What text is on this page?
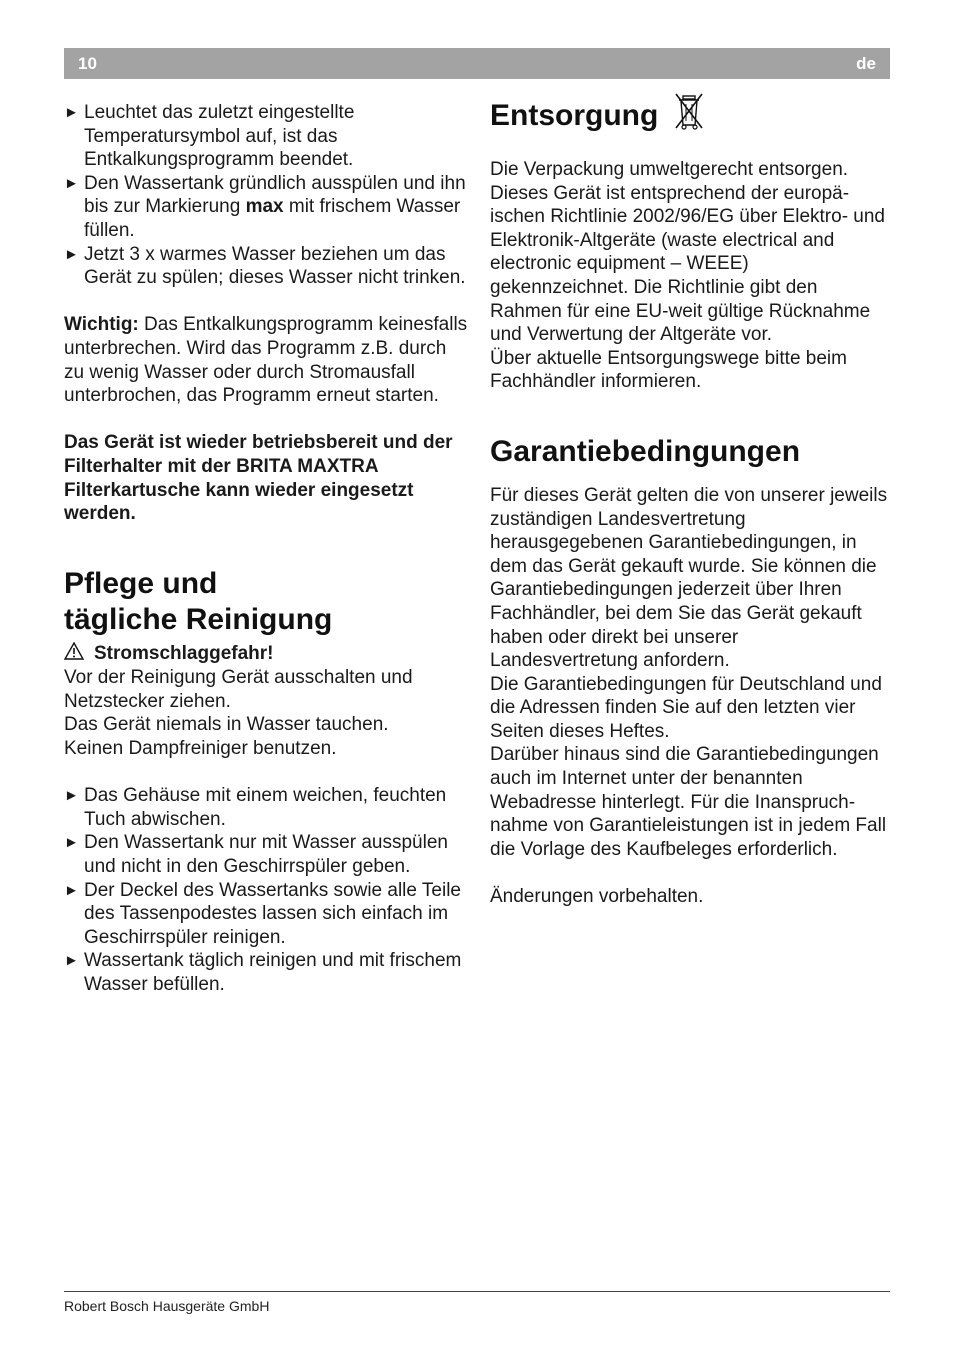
10	de
► Leuchtet das zuletzt eingestellte Temperatursymbol auf, ist das Entkalkungsprogramm beendet.
► Den Wassertank gründlich ausspülen und ihn bis zur Markierung max mit frischem Wasser füllen.
► Jetzt 3 x warmes Wasser beziehen um das Gerät zu spülen; dieses Wasser nicht trinken.

Wichtig: Das Entkalkungsprogramm keinesfalls unterbrechen. Wird das Programm z.B. durch zu wenig Wasser oder durch Stromausfall unterbrochen, das Programm erneut starten.

Das Gerät ist wieder betriebsbereit und der Filterhalter mit der BRITA MAXTRA Filterkartusche kann wieder eingesetzt werden.

Pflege und
tägliche Reinigung
Stromschlaggefahr!

Vor der Reinigung Gerät ausschalten und Netzstecker ziehen.

Das Gerät niemals in Wasser tauchen.

Keinen Dampfreiniger benutzen.

► Das Gehäuse mit einem weichen, feuchten Tuch abwischen.
► Den Wassertank nur mit Wasser ausspülen und nicht in den Geschirrspüler geben.
► Der Deckel des Wassertanks sowie alle Teile des Tassenpodestes lassen sich einfach im Geschirrspüler reinigen.
► Wassertank täglich reinigen und mit frischem Wasser befüllen.
Entsorgung

Die Verpackung umweltgerecht entsorgen. Dieses Gerät ist entsprechend der europäischen Richtlinie 2002/96/EG über Elektro- und Elektronik-Altgeräte (waste electrical and electronic equipment – WEEE) gekennzeichnet. Die Richtlinie gibt den Rahmen für eine EU-weit gültige Rücknahme und Verwertung der Altgeräte vor.

Über aktuelle Entsorgungswege bitte beim Fachhändler informieren.

Garantiebedingungen

Für dieses Gerät gelten die von unserer jeweils zuständigen Landesvertretung herausgegebenen Garantiebedingungen, in dem das Gerät gekauft wurde. Sie können die Garantiebedingungen jederzeit über Ihren Fachhändler, bei dem Sie das Gerät gekauft haben oder direkt bei unserer Landesvertretung anfordern.

Die Garantiebedingungen für Deutschland und die Adressen finden Sie auf den letzten vier Seiten dieses Heftes.

Darüber hinaus sind die Garantiebedingungen auch im Internet unter der benannten Webadresse hinterlegt. Für die Inanspruchnahme von Garantieleistungen ist in jedem Fall die Vorlage des Kaufbeleges erforderlich.

Änderungen vorbehalten.

Robert Bosch Hausgeräte GmbH
